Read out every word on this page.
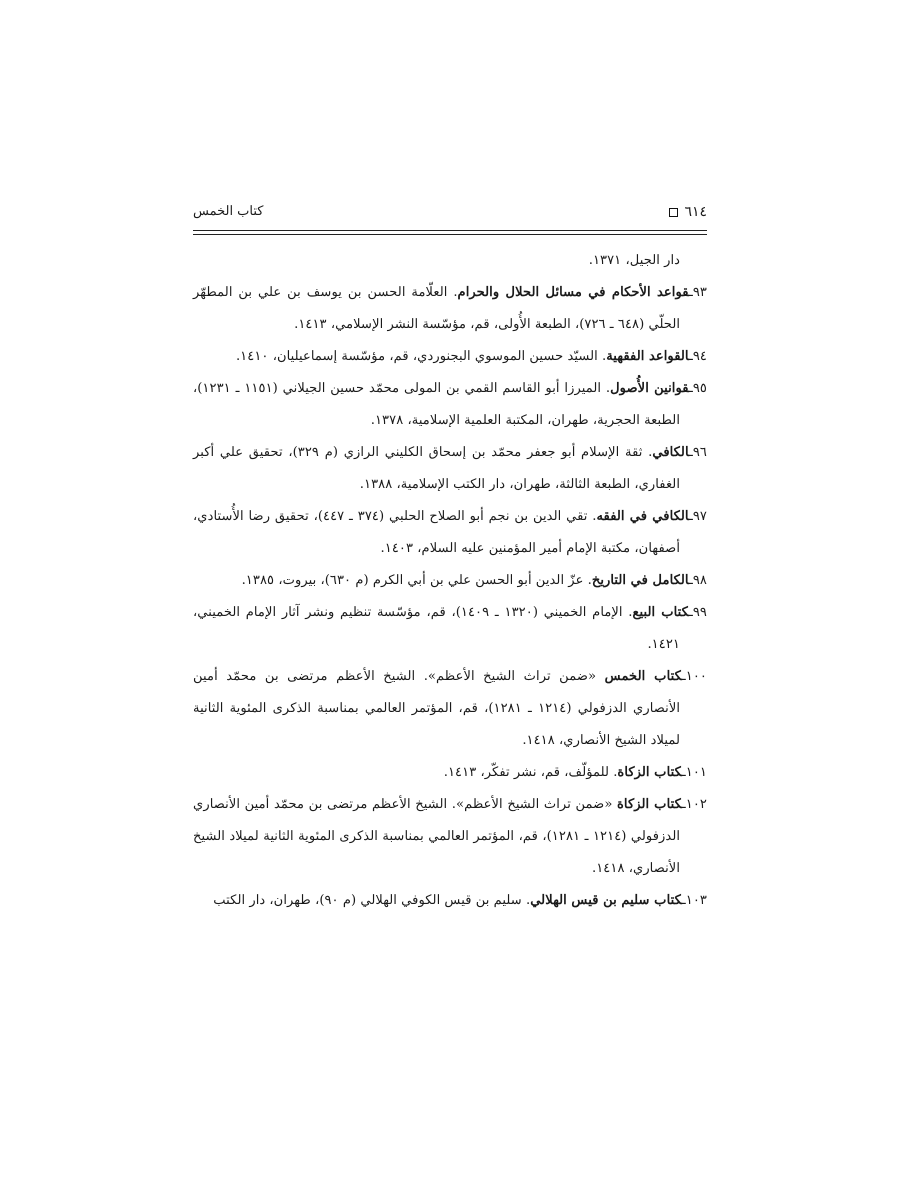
٦١٤
كتاب الخمس

دار الجيل، ١٣٧١.

٩٣ـقواعد الأحكام في مسائل الحلال والحرام. العلّامة الحسن بن يوسف بن علي بن المطهّر الحلّي (٦٤٨ ـ ٧٢٦)، الطبعة الأُولى، قم، مؤسّسة النشر الإسلامي، ١٤١٣.

٩٤ـالقواعد الفقهية. السيّد حسين الموسوي البجنوردي، قم، مؤسّسة إسماعيليان، ١٤١٠.

٩٥ـقوانين الأُصول. الميرزا أبو القاسم القمي بن المولى محمّد حسين الجيلاني (١١٥١ ـ ١٢٣١)، الطبعة الحجرية، طهران، المكتبة العلمية الإسلامية، ١٣٧٨.

٩٦ـالكافي. ثقة الإسلام أبو جعفر محمّد بن إسحاق الكليني الرازي (م ٣٢٩)، تحقيق علي أكبر الغفاري، الطبعة الثالثة، طهران، دار الكتب الإسلامية، ١٣٨٨.

٩٧ـالكافي في الفقه. تقي الدين بن نجم أبو الصلاح الحلبي (٣٧٤ ـ ٤٤٧)، تحقيق رضا الأُستادي، أصفهان، مكتبة الإمام أمير المؤمنين عليه السلام، ١٤٠٣.

٩٨ـالكامل في التاريخ. عزّ الدين أبو الحسن علي بن أبي الكرم (م ٦٣٠)، بيروت، ١٣٨٥.

٩٩ـكتاب البيع. الإمام الخميني (١٣٢٠ ـ ١٤٠٩)، قم، مؤسّسة تنظيم ونشر آثار الإمام الخميني، ١٤٢١.

١٠٠ـكتاب الخمس «ضمن تراث الشيخ الأعظم». الشيخ الأعظم مرتضى بن محمّد أمين الأنصاري الدزفولي (١٢١٤ ـ ١٢٨١)، قم، المؤتمر العالمي بمناسبة الذكرى المئوية الثانية لميلاد الشيخ الأنصاري، ١٤١٨.

١٠١ـكتاب الزكاة. للمؤلّف، قم، نشر تفكّر، ١٤١٣.

١٠٢ـكتاب الزكاة «ضمن تراث الشيخ الأعظم». الشيخ الأعظم مرتضى بن محمّد أمين الأنصاري الدزفولي (١٢١٤ ـ ١٢٨١)، قم، المؤتمر العالمي بمناسبة الذكرى المئوية الثانية لميلاد الشيخ الأنصاري، ١٤١٨.

١٠٣ـكتاب سليم بن قيس الهلالي. سليم بن قيس الكوفي الهلالي (م ٩٠)، طهران، دار الكتب
